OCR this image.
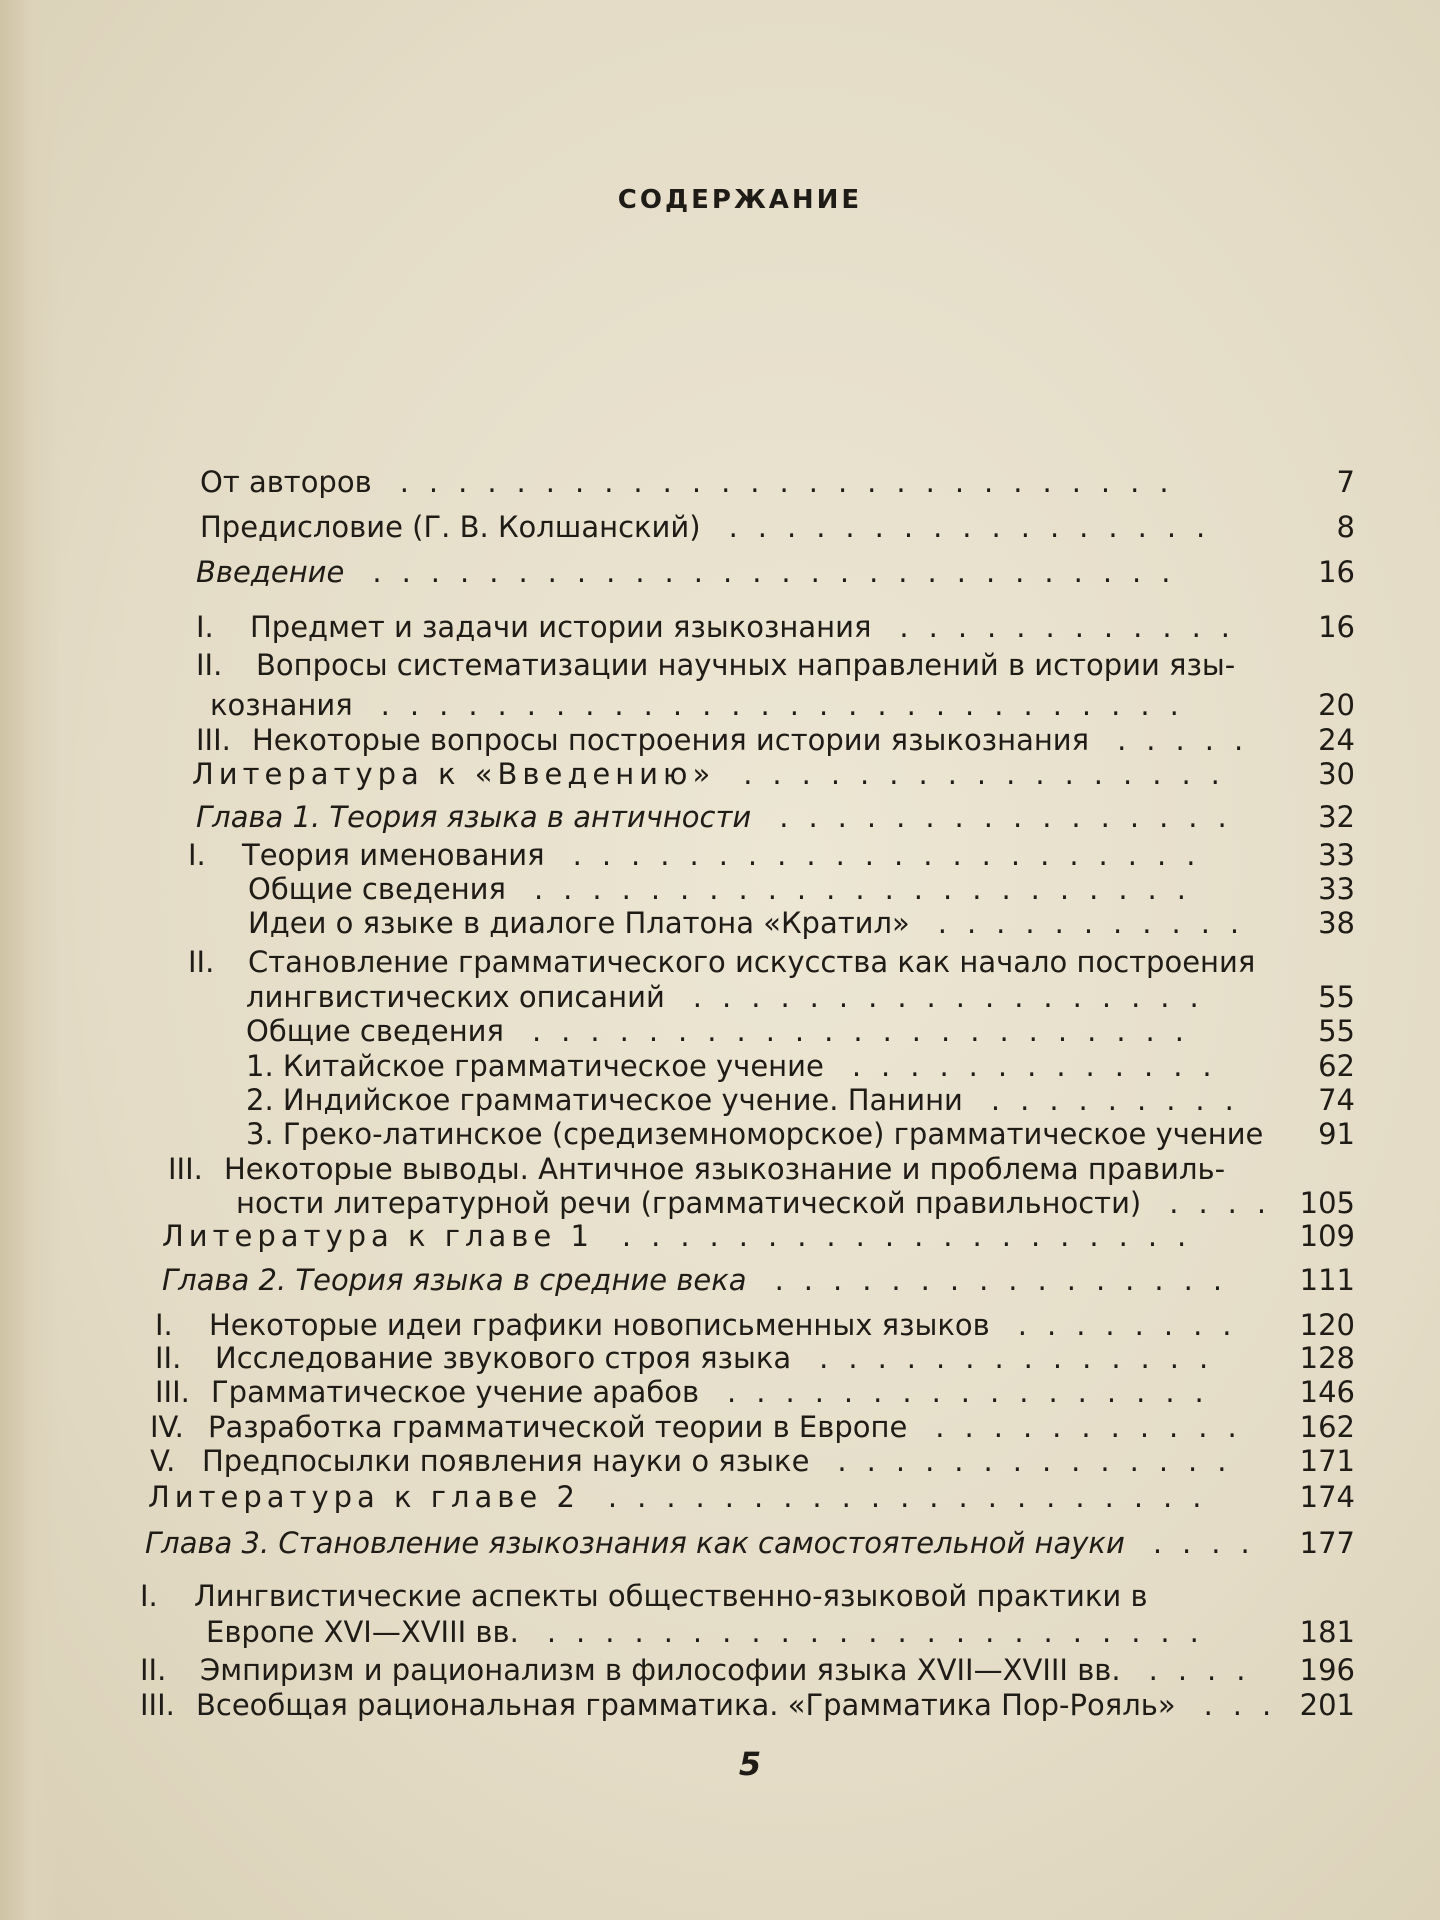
СОДЕРЖАНИЕ
От авторов	7
...........................
Предисловие (Г. В. Колшанский)	8
.................
Введение	16
............................
I. Предмет и задачи истории языкознания	16
............
II. Вопросы систематизации научных направлений в истории язы-
кознания	20
............................
III. Некоторые вопросы построения истории языкознания	24
.....
Литература к «Введению»	30
.................
Глава 1. Теория языка в античности	32
................
I. Теория именования	33
......................
Общие сведения	33
.......................
Идеи о языке в диалоге Платона «Кратил»	38
...........
II. Становление грамматического искусства как начало построения
лингвистических описаний	55
..................
Общие сведения	55
.......................
1. Китайское грамматическое учение	62
.............
2. Индийское грамматическое учение. Панини	74
.........
3. Греко-латинское (средиземноморское) грамматическое учение	91
III. Некоторые выводы. Античное языкознание и проблема правиль-
ности литературной речи (грамматической правильности)	105
....
Литература к главе 1	109
....................
Глава 2. Теория языка в средние века	111
................
I. Некоторые идеи графики новописьменных языков	120
........
II. Исследование звукового строя языка	128
..............
III. Грамматическое учение арабов	146
.................
IV. Разработка грамматической теории в Европе	162
...........
V. Предпосылки появления науки о языке	171
..............
Литература к главе 2	174
.....................
Глава 3. Становление языкознания как самостоятельной науки	177
....
I. Лингвистические аспекты общественно-языковой практики в
Европе XVI—XVIII вв.	181
.......................
II. Эмпиризм и рационализм в философии языка XVII—XVIII вв.	196
....
III. Всеобщая рациональная грамматика. «Грамматика Пор-Рояль»	201
...
5
